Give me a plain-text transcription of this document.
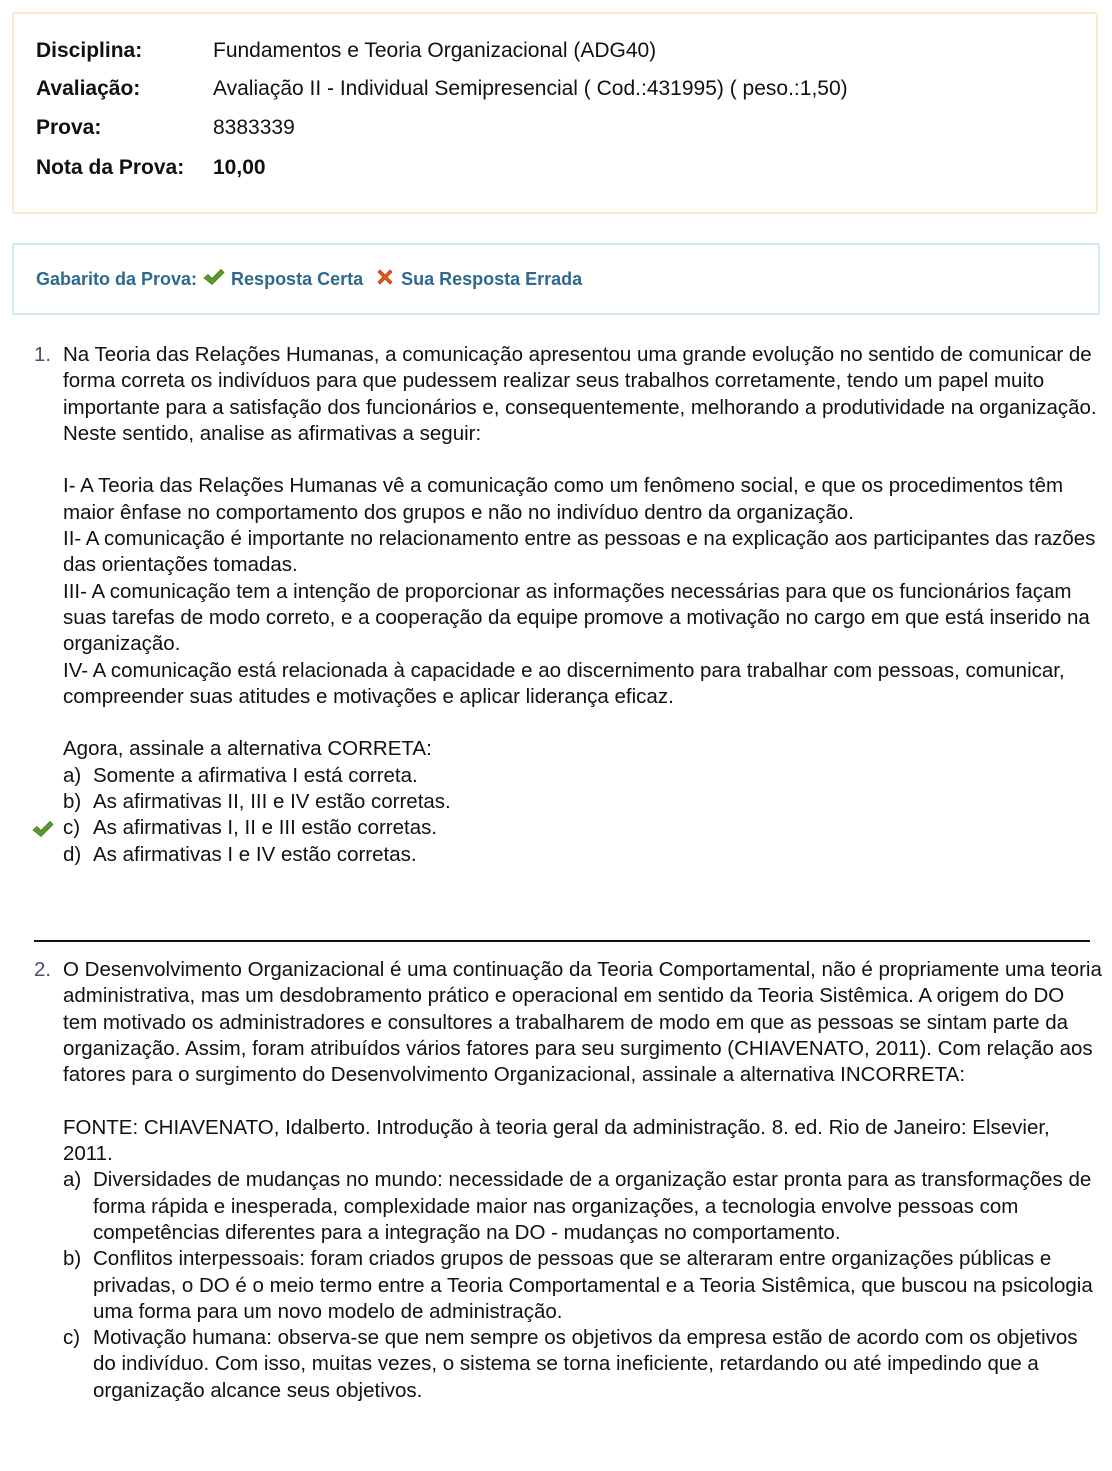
Disciplina:	Fundamentos e Teoria Organizacional (ADG40)
Avaliação:	Avaliação II - Individual Semipresencial ( Cod.:431995) ( peso.:1,50)
Prova:	8383339
Nota da Prova: 10,00
Gabarito da Prova: Resposta Certa Sua Resposta Errada
1. Na Teoria das Relações Humanas, a comunicação apresentou uma grande evolução no sentido de comunicar de forma correta os indivíduos para que pudessem realizar seus trabalhos corretamente, tendo um papel muito importante para a satisfação dos funcionários e, consequentemente, melhorando a produtividade na organização. Neste sentido, analise as afirmativas a seguir:

I- A Teoria das Relações Humanas vê a comunicação como um fenômeno social, e que os procedimentos têm maior ênfase no comportamento dos grupos e não no indivíduo dentro da organização.

II- A comunicação é importante no relacionamento entre as pessoas e na explicação aos participantes das razões das orientações tomadas.

III- A comunicação tem a intenção de proporcionar as informações necessárias para que os funcionários façam suas tarefas de modo correto, e a cooperação da equipe promove a motivação no cargo em que está inserido na organização.

IV- A comunicação está relacionada à capacidade e ao discernimento para trabalhar com pessoas, comunicar, compreender suas atitudes e motivações e aplicar liderança eficaz.

Agora, assinale a alternativa CORRETA:

a) Somente a afirmativa I está correta.
b) As afirmativas II, III e IV estão corretas.
c) As afirmativas I, II e III estão corretas.
d) As afirmativas I e IV estão corretas.
2. O Desenvolvimento Organizacional é uma continuação da Teoria Comportamental, não é propriamente uma teoria administrativa, mas um desdobramento prático e operacional em sentido da Teoria Sistêmica. A origem do DO tem motivado os administradores e consultores a trabalharem de modo em que as pessoas se sintam parte da organização. Assim, foram atribuídos vários fatores para seu surgimento (CHIAVENATO, 2011). Com relação aos fatores para o surgimento do Desenvolvimento Organizacional, assinale a alternativa INCORRETA:

FONTE: CHIAVENATO, Idalberto. Introdução à teoria geral da administração. 8. ed. Rio de Janeiro: Elsevier, 2011.

a) Diversidades de mudanças no mundo: necessidade de a organização estar pronta para as transformações de forma rápida e inesperada, complexidade maior nas organizações, a tecnologia envolve pessoas com competências diferentes para a integração na DO - mudanças no comportamento.
b) Conflitos interpessoais: foram criados grupos de pessoas que se alteraram entre organizações públicas e privadas, o DO é o meio termo entre a Teoria Comportamental e a Teoria Sistêmica, que buscou na psicologia uma forma para um novo modelo de administração.
c) Motivação humana: observa-se que nem sempre os objetivos da empresa estão de acordo com os objetivos do indivíduo. Com isso, muitas vezes, o sistema se torna ineficiente, retardando ou até impedindo que a organização alcance seus objetivos.
